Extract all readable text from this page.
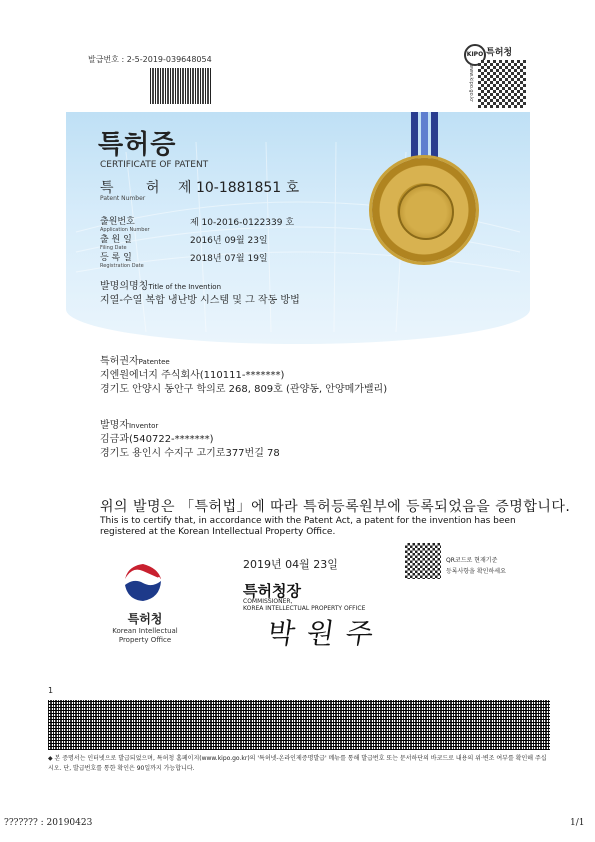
발급번호 : 2-5-2019-039648054
KIPO 특허청
www.kipo.go.kr
특허증
CERTIFICATE OF PATENT
특 허 제 10-1881851 호
Patent Number
출원번호
Application Number
제 10-2016-0122339 호
출 원 일
Filing Date
2016년 09월 23일
등 록 일
Registration Date
2018년 07월 19일
발명의명칭Title of the Invention
지열-수열 복합 냉난방 시스템 및 그 작동 방법
특허권자Patentee
지엔원에너지 주식회사(110111-*******)
경기도 안양시 동안구 학의로 268, 809호 (관양동, 안양메가밸리)
발명자Inventor
김금과(540722-*******)
경기도 용인시 수지구 고기로377번길 78
위의 발명은 「특허법」에 따라 특허등록원부에 등록되었음을 증명합니다.
This is to certify that, in accordance with the Patent Act, a patent for the invention has been registered at the Korean Intellectual Property Office.
QR코드로 현재기준
등록사항을 확인하세요
2019년 04월 23일
특허청장
COMMISSIONER,
KOREA INTELLECTUAL PROPERTY OFFICE
박원주
특허청
Korean Intellectual
Property Office
1
◆ 본 증명서는 인터넷으로 발급되었으며, 특허청 홈페이지(www.kipo.go.kr)의 '특허넷-온라인제증명발급' 메뉴를 통해 발급번호 또는 문서하단의 바코드로 내용의 위·변조 여부를 확인해 주십시오. 단, 발급번호를 통한 확인은 90일까지 가능합니다.
??????? : 20190423	1/1
